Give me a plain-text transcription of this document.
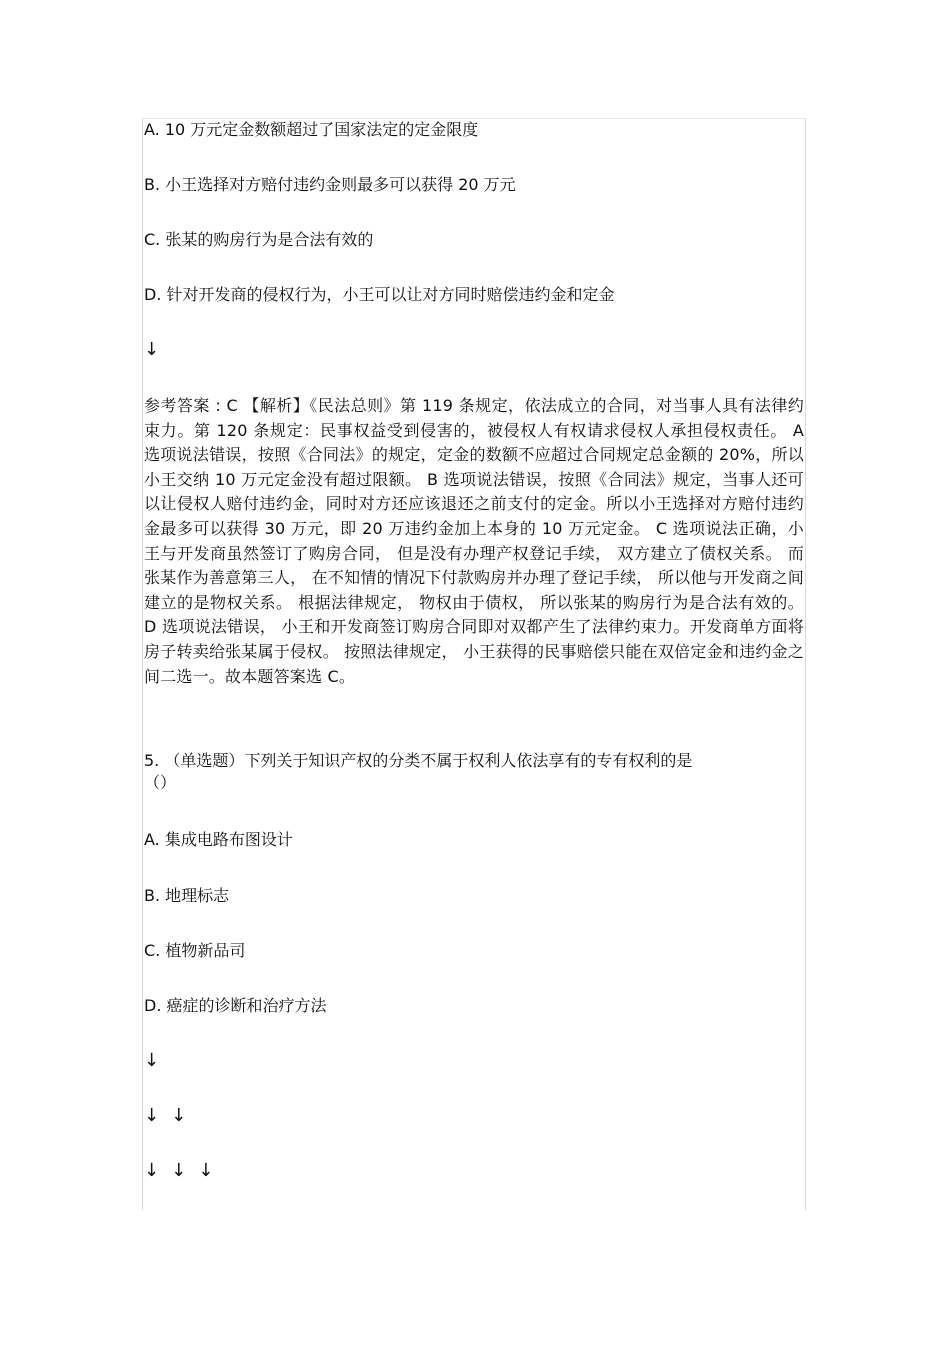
A. 10 万元定金数额超过了国家法定的定金限度
B. 小王选择对方赔付违约金则最多可以获得 20 万元
C. 张某的购房行为是合法有效的
D. 针对开发商的侵权行为，小王可以让对方同时赔偿违约金和定金
↓
参考答案 : C 【解析】《民法总则》第 119 条规定，依法成立的合同，对当事人具有法律约束力。第 120 条规定：民事权益受到侵害的，被侵权人有权请求侵权人承担侵权责任。 A 选项说法错误，按照《合同法》的规定，定金的数额不应超过合同规定总金额的 20%，所以小王交纳 10 万元定金没有超过限额。 B 选项说法错误，按照《合同法》规定，当事人还可以让侵权人赔付违约金，同时对方还应该退还之前支付的定金。所以小王选择对方赔付违约金最多可以获得 30 万元，即 20 万违约金加上本身的 10 万元定金。 C 选项说法正确，小王与开发商虽然签订了购房合同， 但是没有办理产权登记手续， 双方建立了债权关系。 而张某作为善意第三人， 在不知情的情况下付款购房并办理了登记手续， 所以他与开发商之间建立的是物权关系。 根据法律规定， 物权由于债权， 所以张某的购房行为是合法有效的。 D 选项说法错误， 小王和开发商签订购房合同即对双都产生了法律约束力。开发商单方面将房子转卖给张某属于侵权。 按照法律规定， 小王获得的民事赔偿只能在双倍定金和违约金之间二选一。故本题答案选 C。
5. （单选题）下列关于知识产权的分类不属于权利人依法享有的专有权利的是
（）
A. 集成电路布图设计
B. 地理标志
C. 植物新品司
D. 癌症的诊断和治疗方法
↓
↓ ↓
↓ ↓ ↓
